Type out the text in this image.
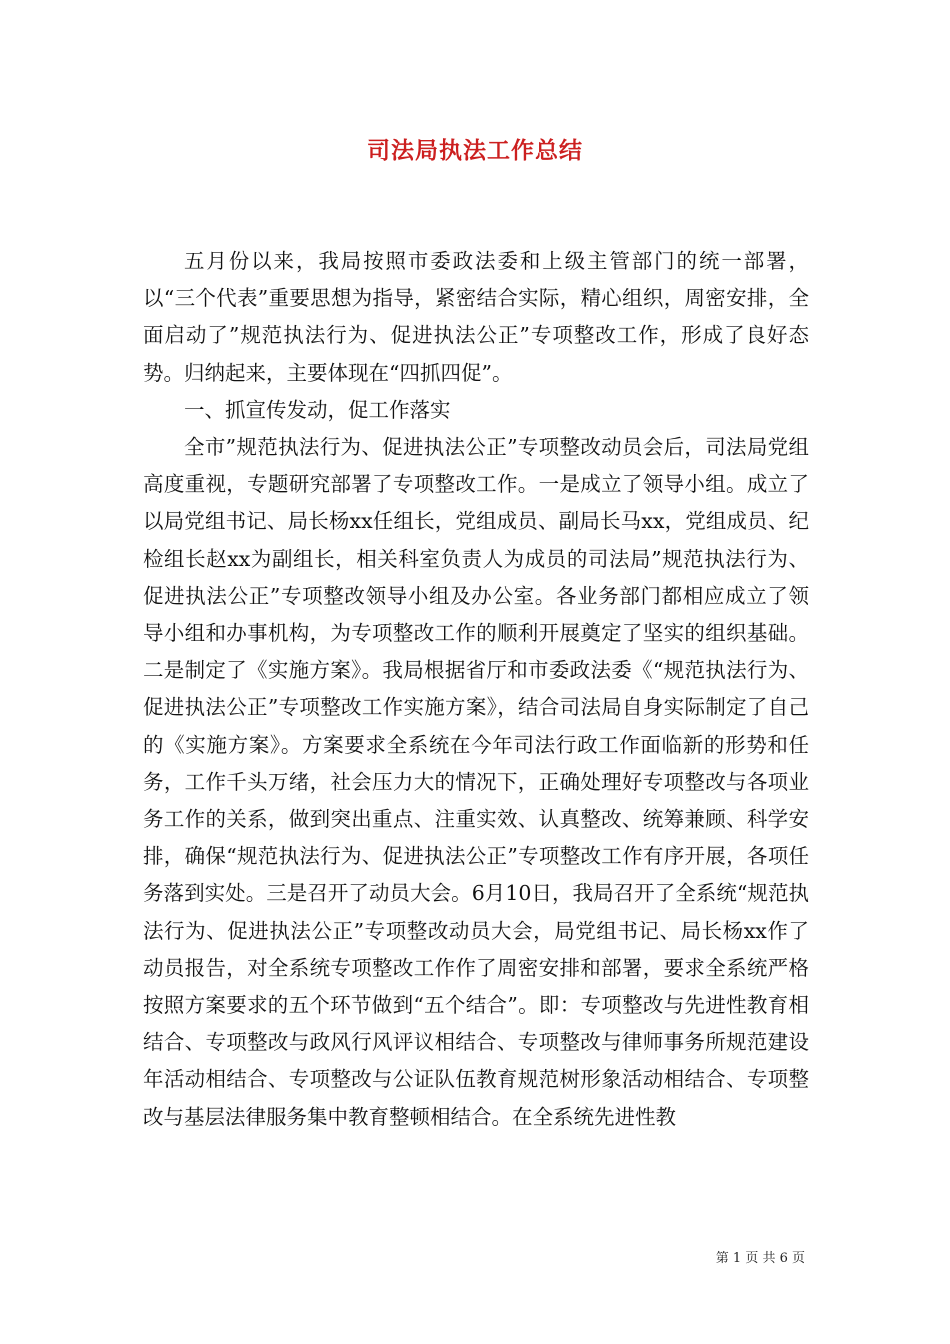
司法局执法工作总结

五月份以来，我局按照市委政法委和上级主管部门的统一部署，以“三个代表”重要思想为指导，紧密结合实际，精心组织，周密安排，全面启动了”规范执法行为、促进执法公正”专项整改工作，形成了良好态势。归纳起来，主要体现在“四抓四促”。

一、抓宣传发动，促工作落实

全市”规范执法行为、促进执法公正”专项整改动员会后，司法局党组高度重视，专题研究部署了专项整改工作。一是成立了领导小组。成立了以局党组书记、局长杨xx任组长，党组成员、副局长马xx，党组成员、纪检组长赵xx为副组长，相关科室负责人为成员的司法局”规范执法行为、促进执法公正”专项整改领导小组及办公室。各业务部门都相应成立了领导小组和办事机构，为专项整改工作的顺利开展奠定了坚实的组织基础。二是制定了《实施方案》。我局根据省厅和市委政法委《“规范执法行为、促进执法公正”专项整改工作实施方案》，结合司法局自身实际制定了自己的《实施方案》。方案要求全系统在今年司法行政工作面临新的形势和任务，工作千头万绪，社会压力大的情况下，正确处理好专项整改与各项业务工作的关系，做到突出重点、注重实效、认真整改、统筹兼顾、科学安排，确保“规范执法行为、促进执法公正”专项整改工作有序开展，各项任务落到实处。三是召开了动员大会。6月10日，我局召开了全系统“规范执法行为、促进执法公正”专项整改动员大会，局党组书记、局长杨xx作了动员报告，对全系统专项整改工作作了周密安排和部署，要求全系统严格按照方案要求的五个环节做到“五个结合”。即：专项整改与先进性教育相结合、专项整改与政风行风评议相结合、专项整改与律师事务所规范建设年活动相结合、专项整改与公证队伍教育规范树形象活动相结合、专项整改与基层法律服务集中教育整顿相结合。在全系统先进性教

第 1 页 共 6 页
